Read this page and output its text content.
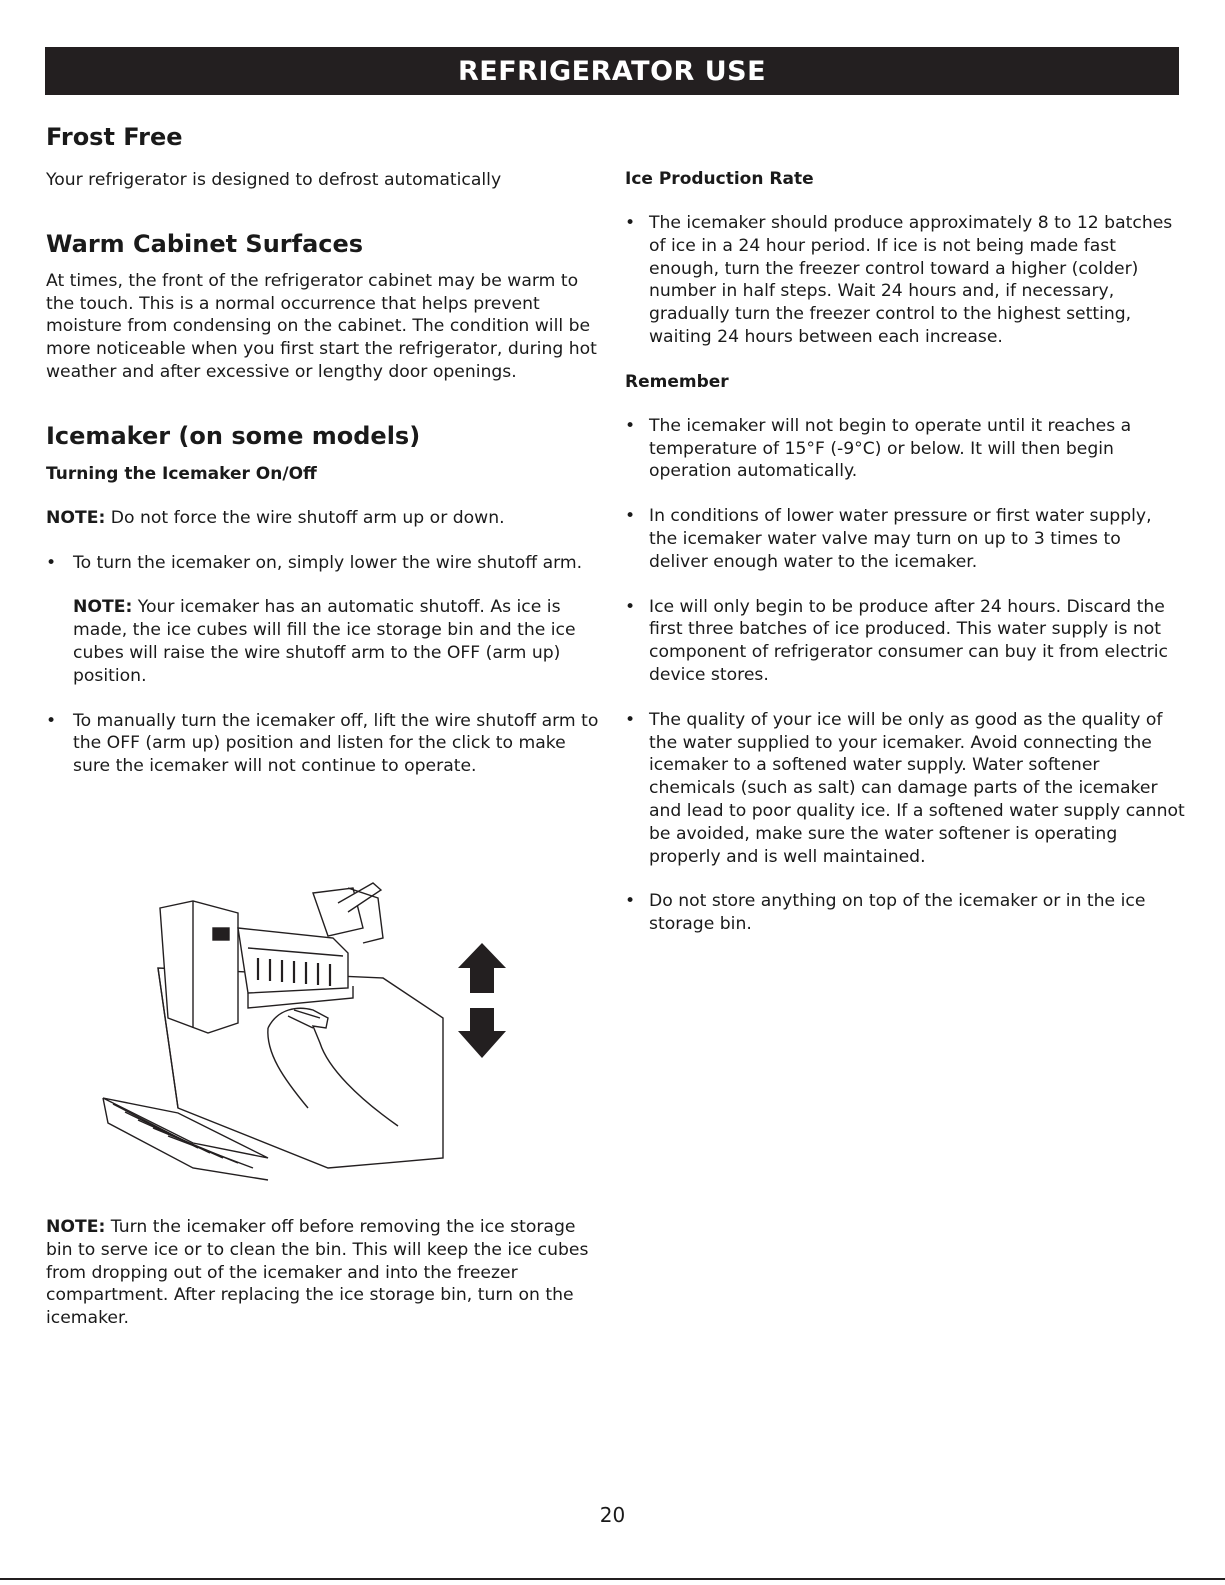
REFRIGERATOR USE
Frost Free

Your refrigerator is designed to defrost automatically

Warm Cabinet Surfaces

At times, the front of the refrigerator cabinet may be warm to the touch. This is a normal occurrence that helps prevent moisture from condensing on the cabinet. The condition will be more noticeable when you first start the refrigerator, during hot weather and after excessive or lengthy door openings.

Icemaker (on some models)
Turning the Icemaker On/Off

NOTE: Do not force the wire shutoff arm up or down.

• To turn the icemaker on, simply lower the wire shutoff arm.

NOTE: Your icemaker has an automatic shutoff. As ice is made, the ice cubes will fill the ice storage bin and the ice cubes will raise the wire shutoff arm to the OFF (arm up) position.

• To manually turn the icemaker off, lift the wire shutoff arm to the OFF (arm up) position and listen for the click to make sure the icemaker will not continue to operate.

NOTE: Turn the icemaker off before removing the ice storage bin to serve ice or to clean the bin. This will keep the ice cubes from dropping out of the icemaker and into the freezer compartment. After replacing the ice storage bin, turn on the icemaker.

Ice Production Rate
• The icemaker should produce approximately 8 to 12 batches of ice in a 24 hour period. If ice is not being made fast enough, turn the freezer control toward a higher (colder) number in half steps. Wait 24 hours and, if necessary, gradually turn the freezer control to the highest setting, waiting 24 hours between each increase.
Remember
• The icemaker will not begin to operate until it reaches a temperature of 15°F (-9°C) or below. It will then begin operation automatically.
• In conditions of lower water pressure or first water supply, the icemaker water valve may turn on up to 3 times to deliver enough water to the icemaker.
• Ice will only begin to be produce after 24 hours. Discard the first three batches of ice produced. This water supply is not component of refrigerator consumer can buy it from electric device stores.
• The quality of your ice will be only as good as the quality of the water supplied to your icemaker. Avoid connecting the icemaker to a softened water supply. Water softener chemicals (such as salt) can damage parts of the icemaker and lead to poor quality ice. If a softened water supply cannot be avoided, make sure the water softener is operating properly and is well maintained.
• Do not store anything on top of the icemaker or in the ice storage bin.
20
